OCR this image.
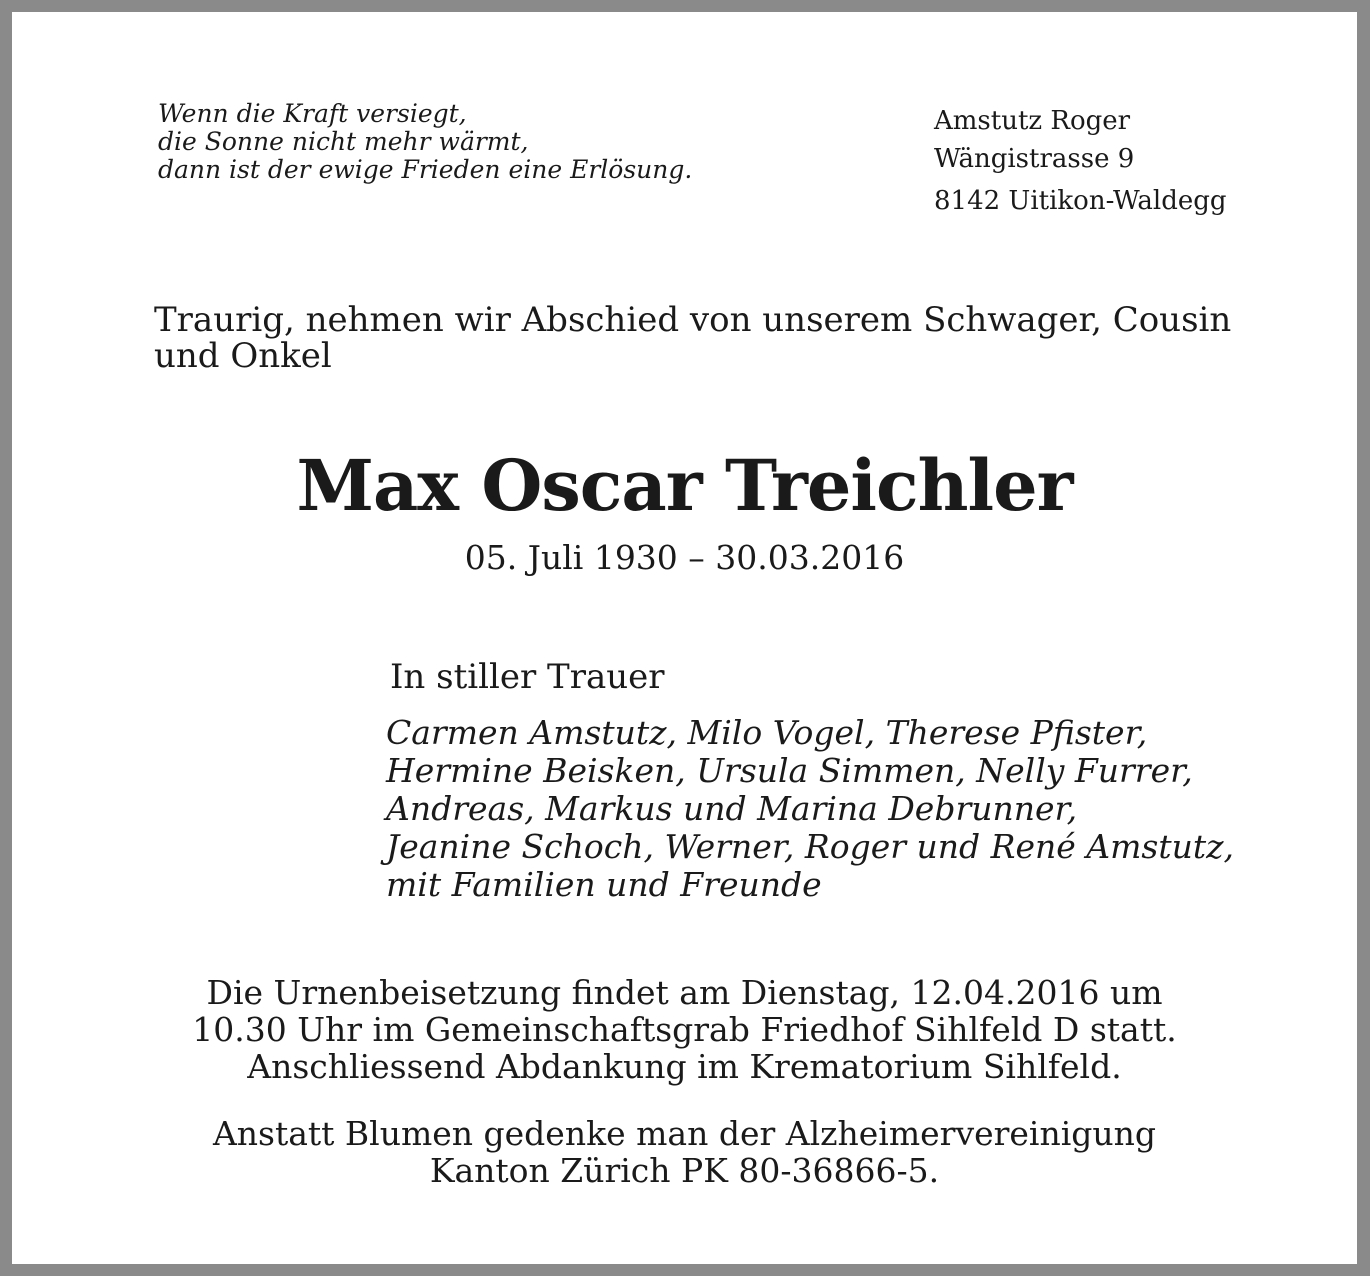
Wenn die Kraft versiegt,
die Sonne nicht mehr wärmt,
dann ist der ewige Frieden eine Erlösung.
Amstutz Roger
Wängistrasse 9
8142 Uitikon-Waldegg
Traurig, nehmen wir Abschied von unserem Schwager, Cousin und Onkel
Max Oscar Treichler
05. Juli 1930 – 30.03.2016
In stiller Trauer
Carmen Amstutz, Milo Vogel, Therese Pfister,
Hermine Beisken, Ursula Simmen, Nelly Furrer,
Andreas, Markus und Marina Debrunner,
Jeanine Schoch, Werner, Roger und René Amstutz,
mit Familien und Freunde
Die Urnenbeisetzung findet am Dienstag, 12.04.2016 um
10.30 Uhr im Gemeinschaftsgrab Friedhof Sihlfeld D statt.
Anschliessend Abdankung im Krematorium Sihlfeld.
Anstatt Blumen gedenke man der Alzheimervereinigung
Kanton Zürich PK 80-36866-5.
